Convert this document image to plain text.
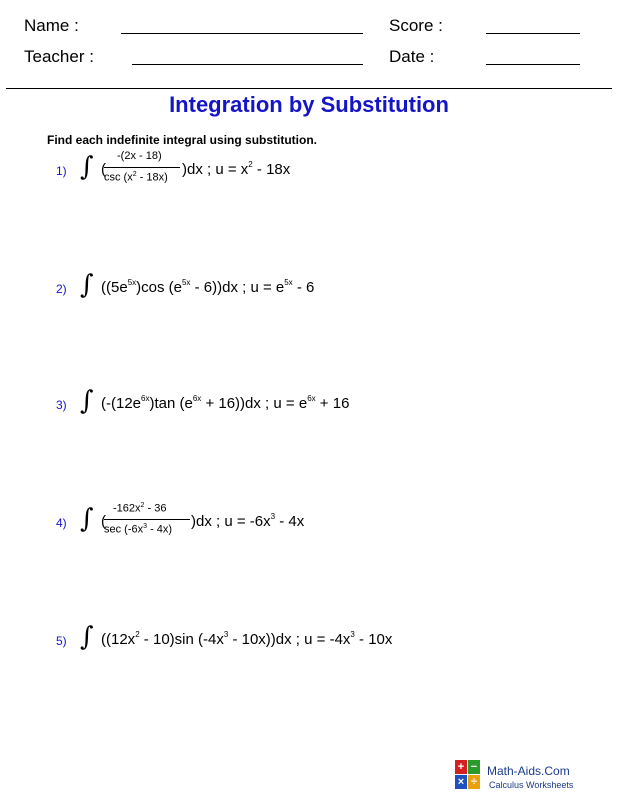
Name :	Score :
Teacher :	Date :
Integration by Substitution
Find each indefinite integral using substitution.
1) ∫ (
-(2x - 18)
$\csc (x^2 - 18x)$ )dx ; $u = x^2 - 18x$
2) ∫ ($(5e^{5x})\cos$ $(e^{5x} - 6))dx$ ; $u = e^{5x} - 6$
3) ∫ ($-(12e^{6x})\tan$ $(e^{6x} + 16))dx$ ; $u = e^{6x} + 16$
4) ∫ (
$-162x^2 - 36$
$\sec (-6x^3 - 4x)$ )dx ; $u = -6x^3 - 4x$
5) ∫ ($(12x^2 - 10)\sin$ $(-4x^3 - 10x))dx$ ; $u = -4x^3 - 10x$
+ −
× ÷
Math-Aids.Com
Calculus Worksheets
